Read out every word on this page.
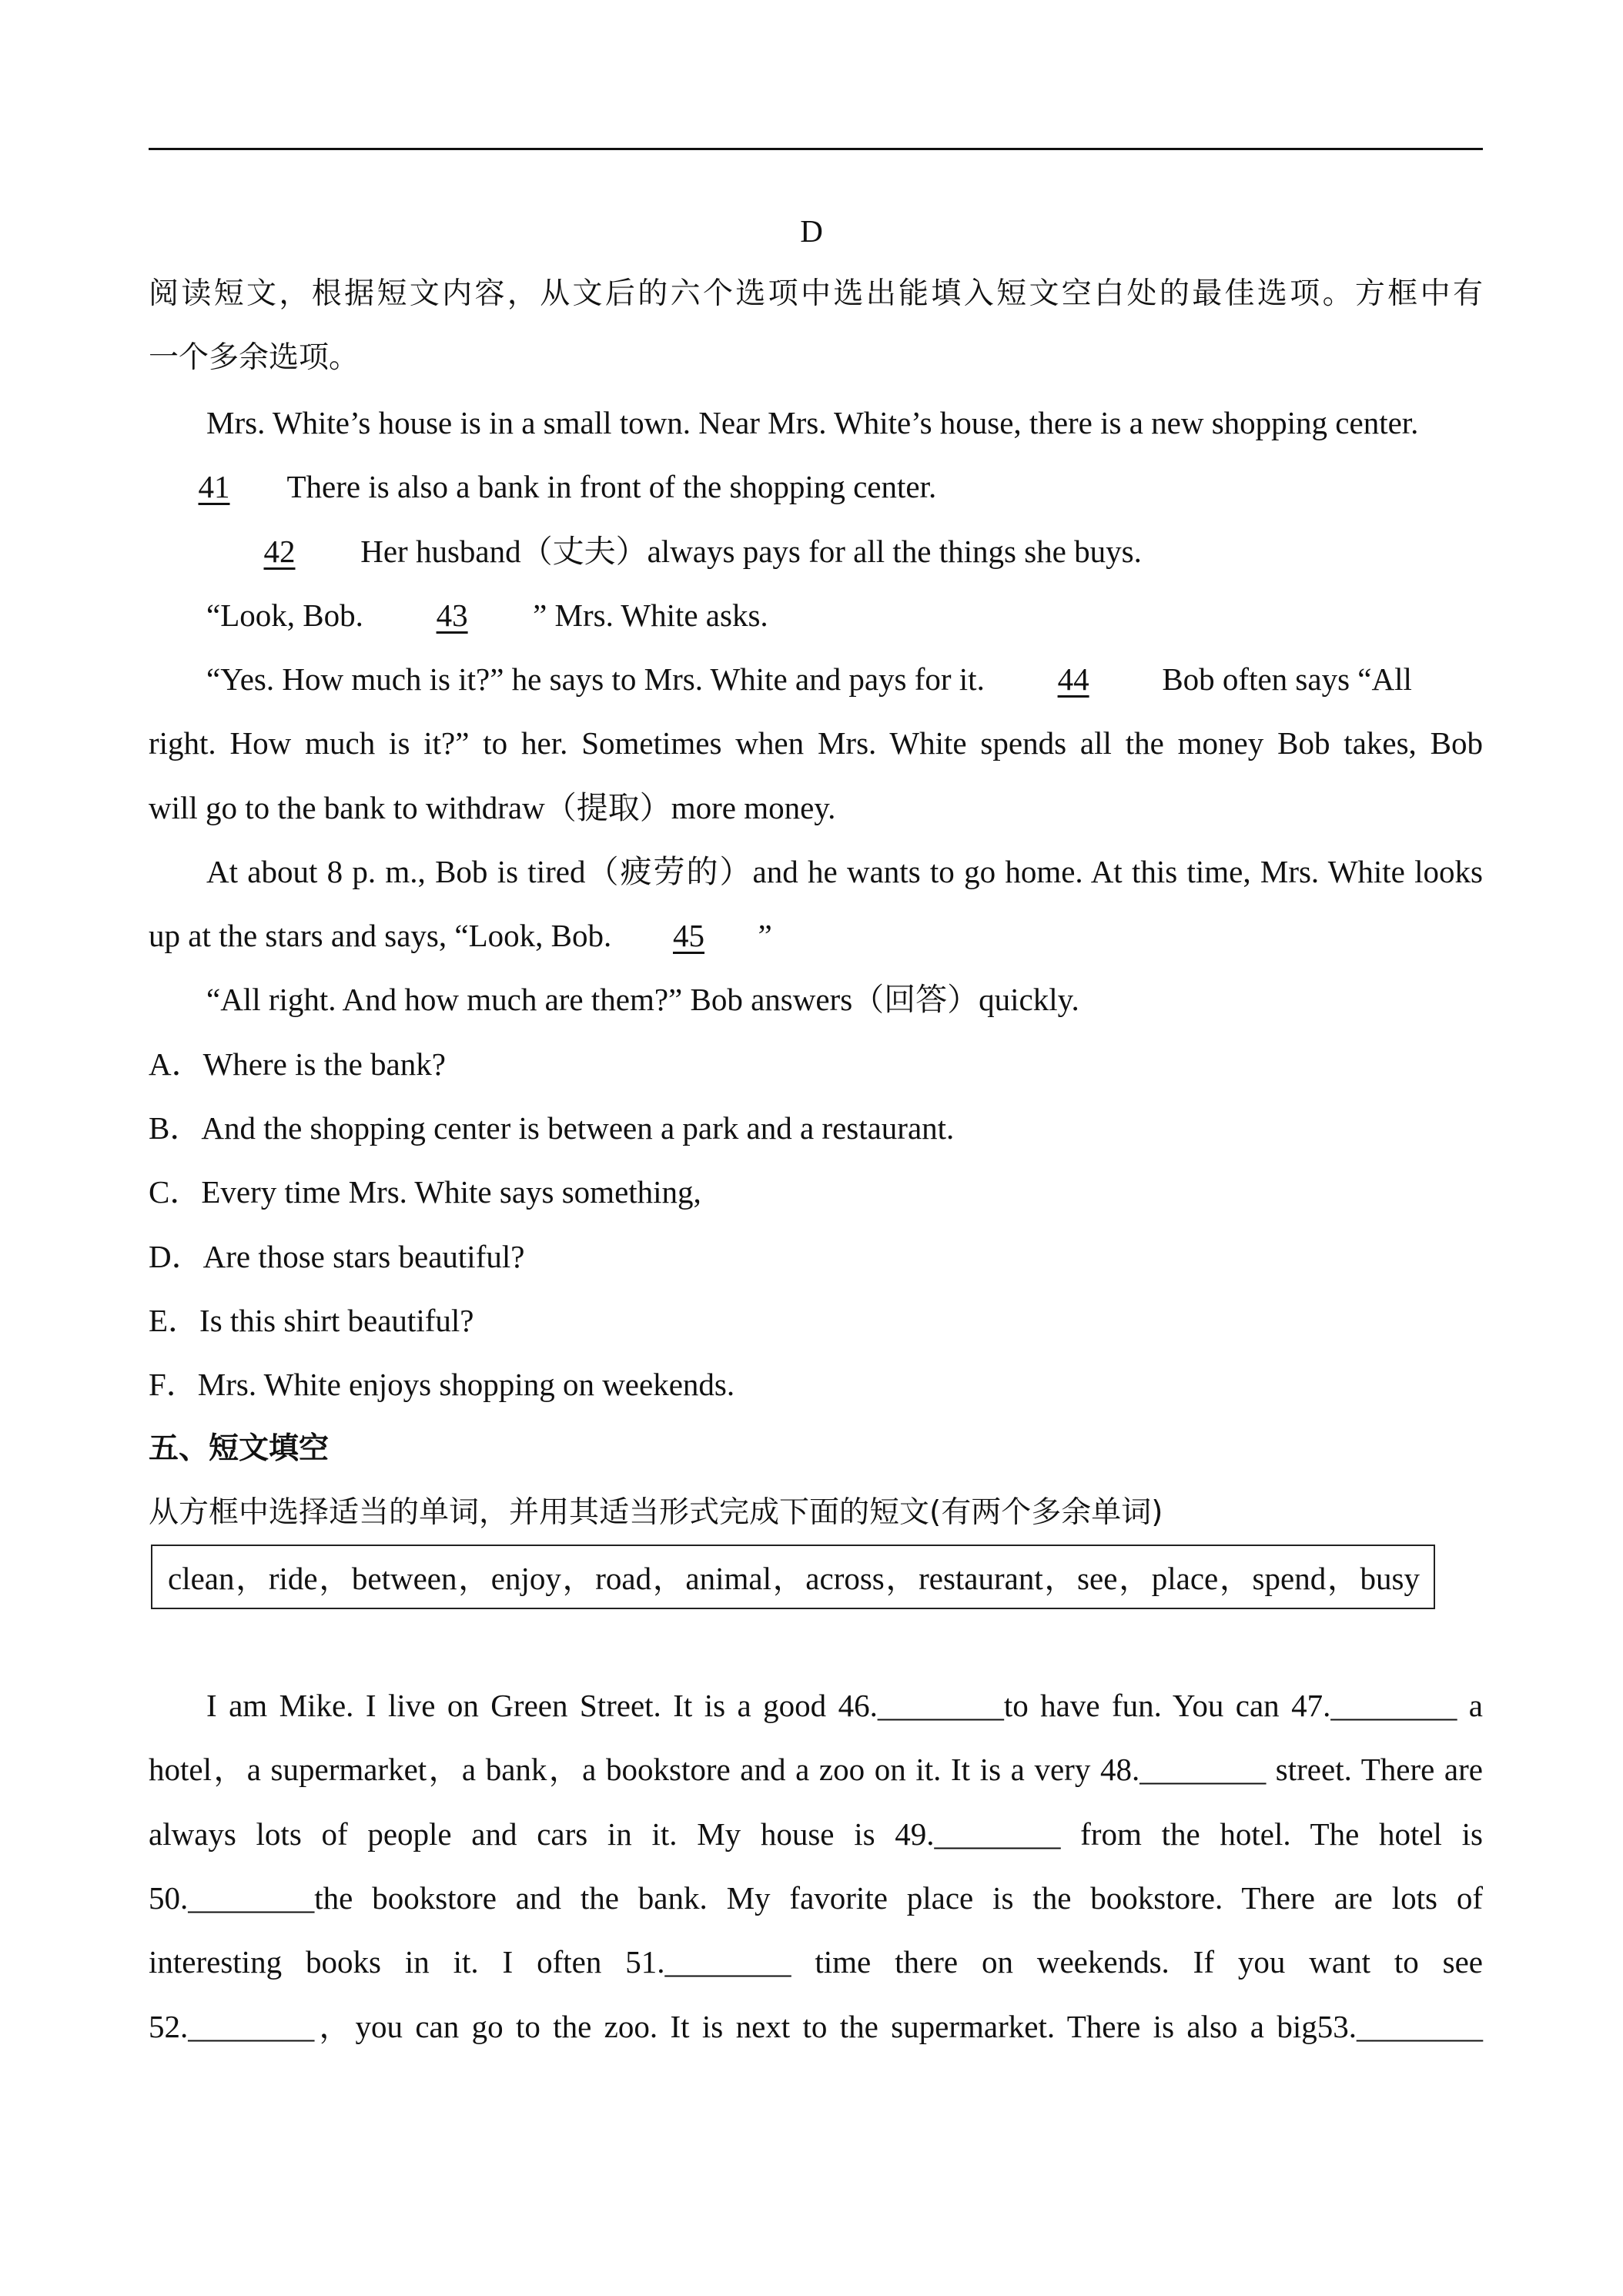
D
阅读短文，根据短文内容，从文后的六个选项中选出能填入短文空白处的最佳选项。方框中有
一个多余选项。
Mrs. White’s house is in a small town. Near Mrs. White’s house, there is a new shopping center.
41 There is also a bank in front of the shopping center.
42 Her husband（丈夫）always pays for all the things she buys.
“Look, Bob. 43 ” Mrs. White asks.
“Yes. How much is it?” he says to Mrs. White and pays for it. 44 Bob often says “All
right. How much is it?” to her. Sometimes when Mrs. White spends all the money Bob takes, Bob
will go to the bank to withdraw（提取）more money.
At about 8 p. m., Bob is tired（疲劳的）and he wants to go home. At this time, Mrs. White looks
up at the stars and says, “Look, Bob. 45 ”
“All right. And how much are them?” Bob answers（回答）quickly.
A．Where is the bank?
B．And the shopping center is between a park and a restaurant.
C．Every time Mrs. White says something,
D．Are those stars beautiful?
E．Is this shirt beautiful?
F．Mrs. White enjoys shopping on weekends.
五、短文填空
从方框中选择适当的单词，并用其适当形式完成下面的短文(有两个多余单词)
clean，ride，between，enjoy，road，animal，across，restaurant，see，place，spend，busy
I am Mike. I live on Green Street. It is a good 46.________to have fun. You can 47.________ a
hotel，a supermarket，a bank，a bookstore and a zoo on it. It is a very 48.________ street. There are
always lots of people and cars in it. My house is 49.________ from the hotel. The hotel is
50.________the bookstore and the bank. My favorite place is the bookstore. There are lots of
interesting books in it. I often 51.________ time there on weekends. If you want to see
52.________，you can go to the zoo. It is next to the supermarket. There is also a big53.________
